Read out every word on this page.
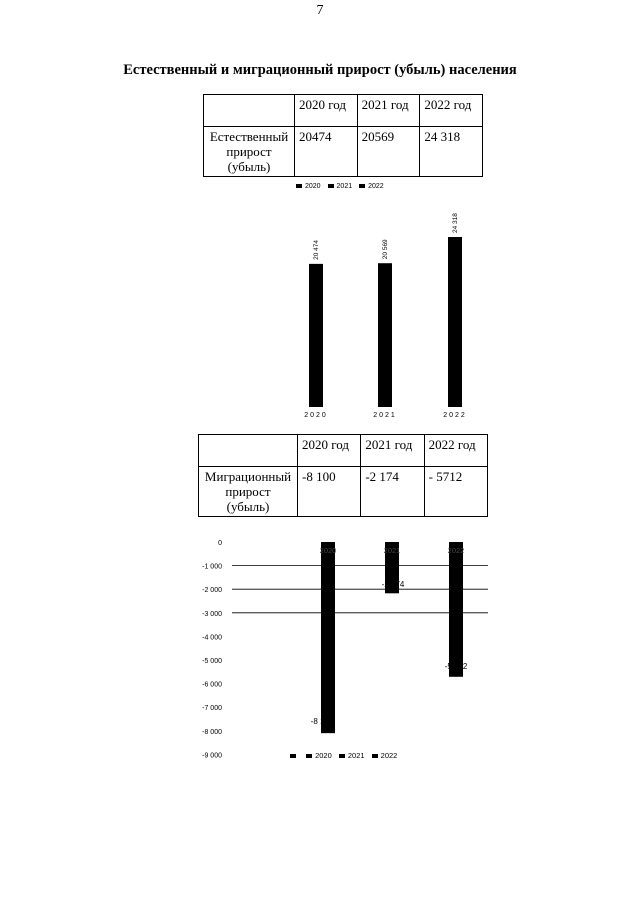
7
Естественный и миграционный прирост (убыль) населения
	2020 год	2021 год	2022 год
Естественный прирост (убыль)	20474	20569	24 318
2020 2021 2022
20 474
2020
20 569
2021
24 318
2022
0
-1 000
-2 000
-3 000
-4 000
-5 000
-6 000
-7 000
-8 000
-9 000
2020
-8 100
2021
-2 174
2022
-5 712
	2020 год	2021 год	2022 год
Миграционный прирост (убыль)	-8 100	-2 174	- 5712
2020 2021 2022
